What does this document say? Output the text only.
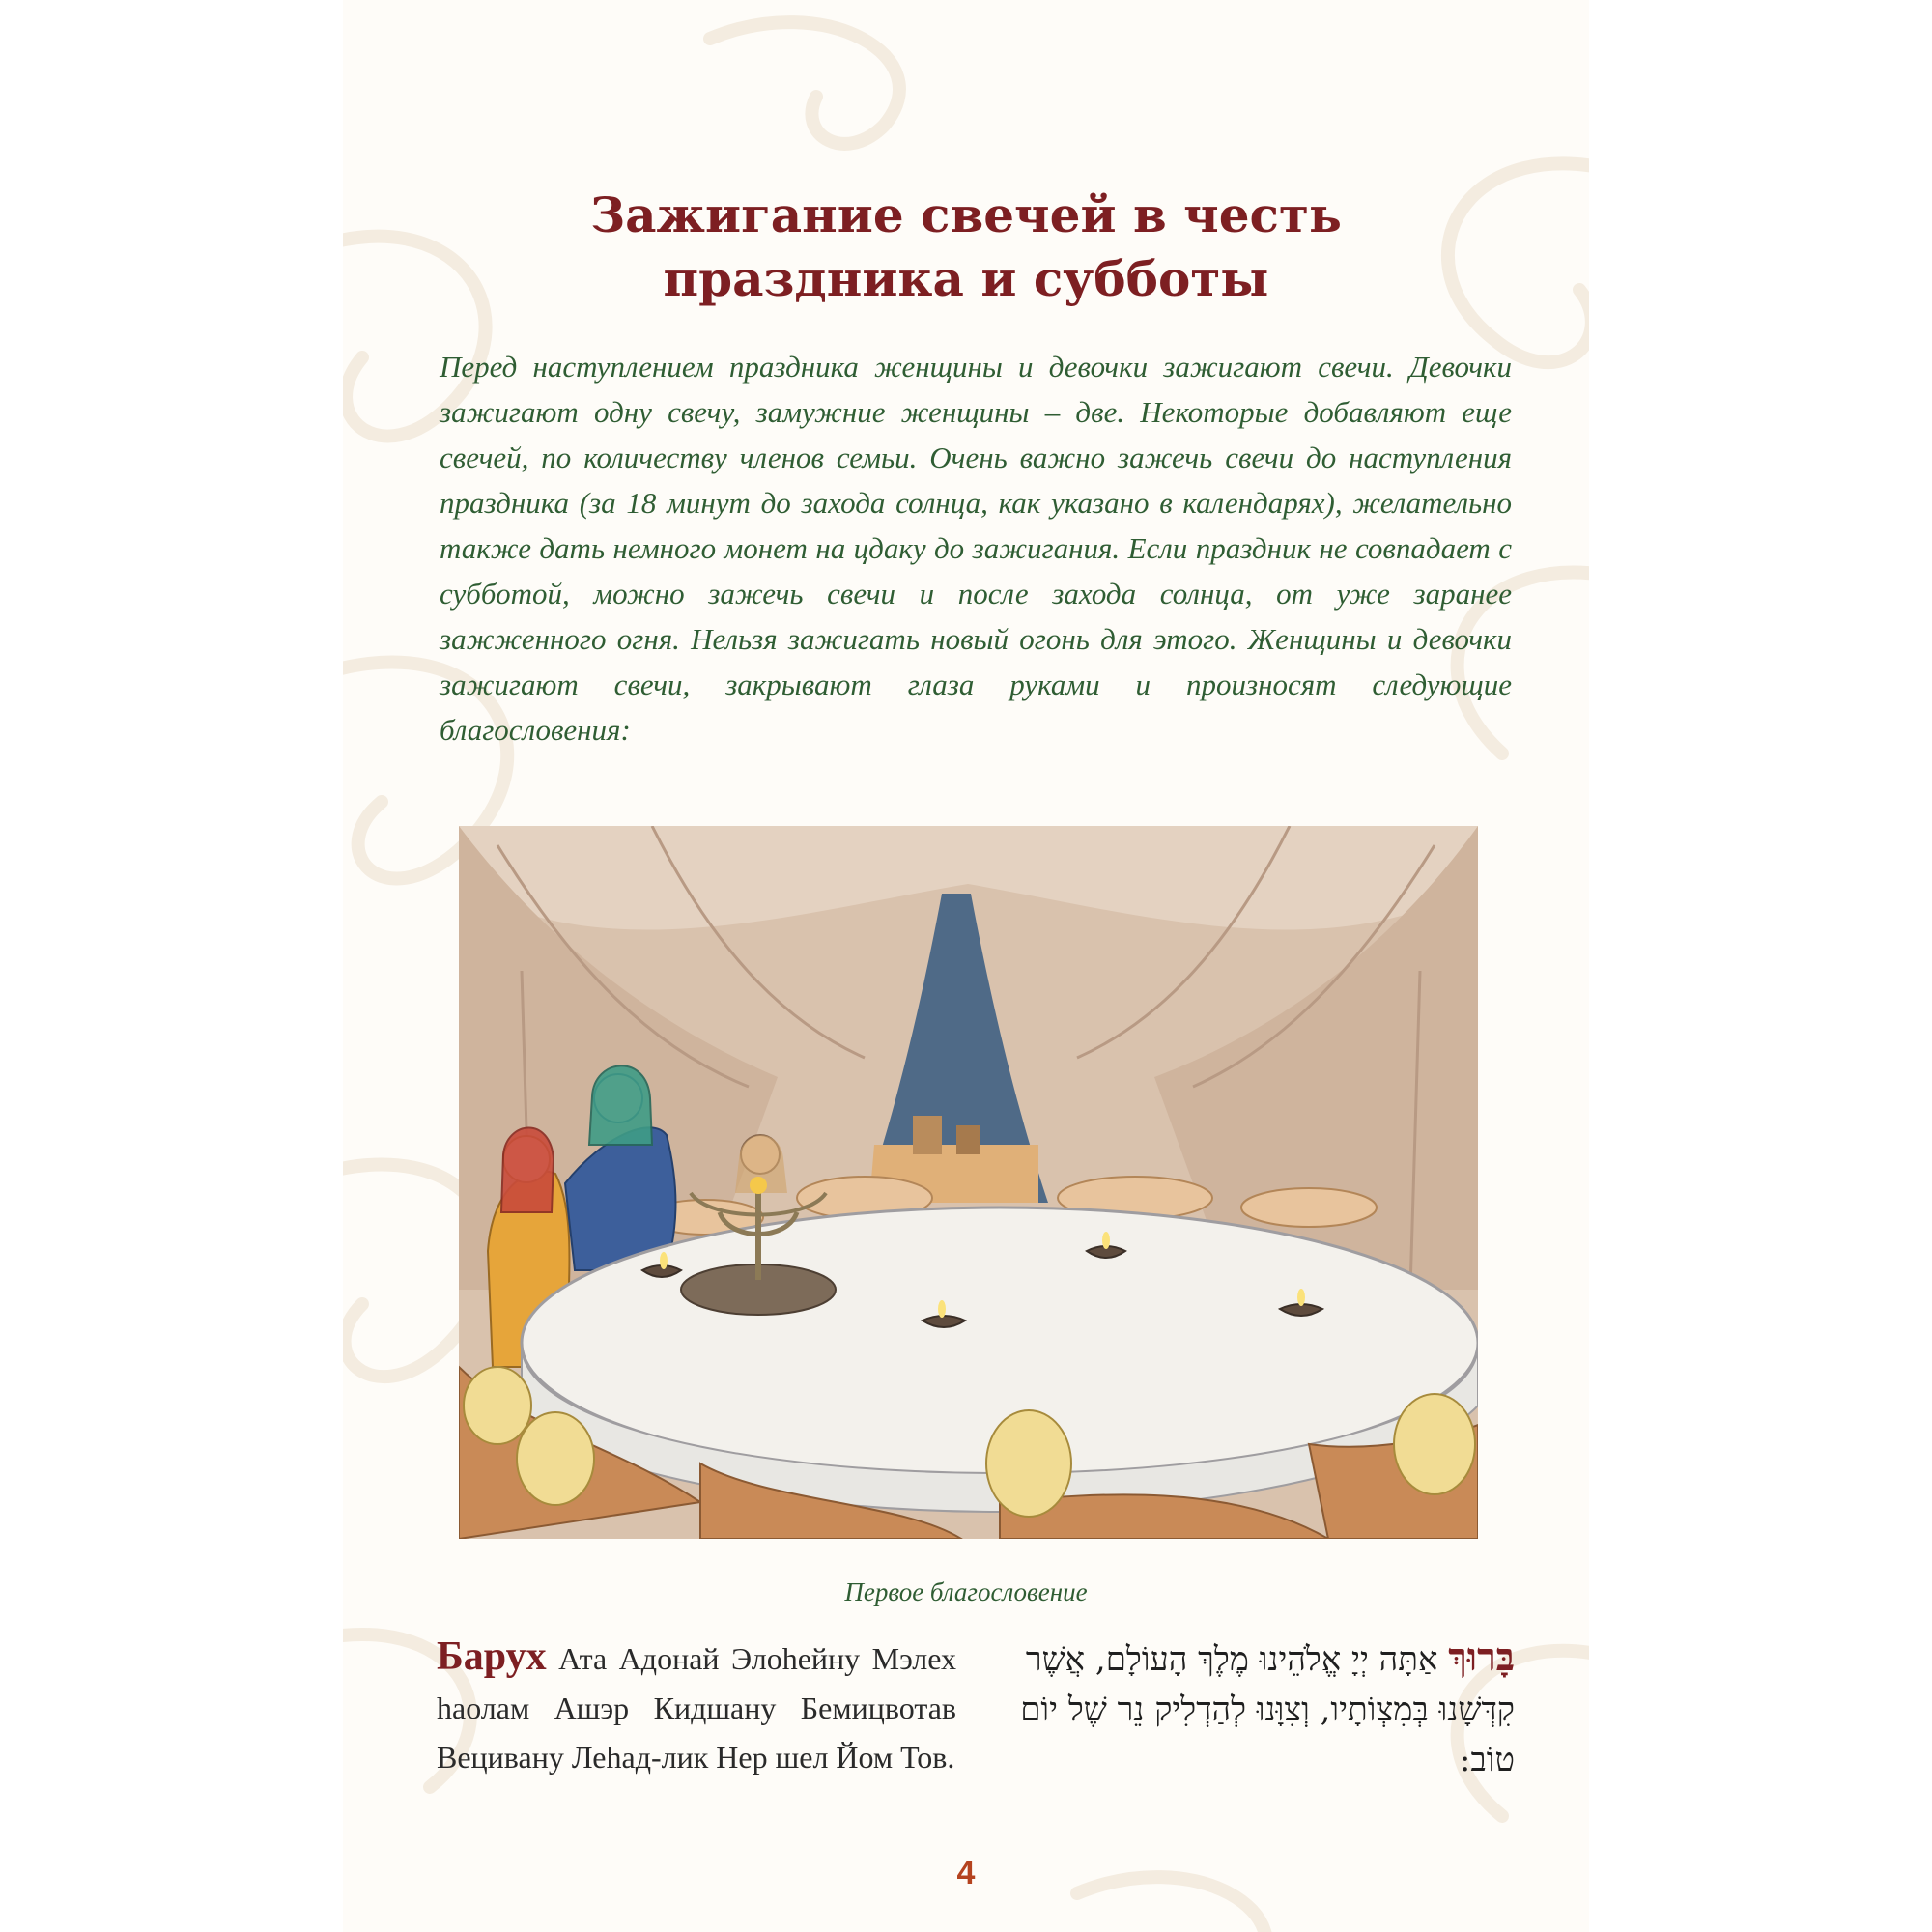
Зажигание свечей в честь
праздника и субботы

Перед наступлением праздника женщины и девочки зажигают свечи. Девочки зажигают одну свечу, замужние женщины – две. Некоторые добавляют еще свечей, по количеству членов семьи. Очень важно зажечь свечи до наступления праздника (за 18 минут до захода солнца, как указано в календарях), желательно также дать немного монет на цдаку до зажигания. Если праздник не совпадает с субботой, можно зажечь свечи и после захода солнца, от уже заранее зажженного огня. Нельзя зажигать новый огонь для этого. Женщины и девочки зажигают свечи, закрывают глаза руками и произносят следующие благословения:

Первое благословение
Барух Ата Адонай Элоhейну Мэлех hаолам Ашэр Кидшану Бемицвотав Вецивану Леhад-лик Нер шел Йом Тов.
בָּרוּךְ אַתָּה יְיָ אֱלֹהֵינוּ מֶלֶךְ הָעוֹלָם, אֲשֶׁר קִדְּשָׁנוּ בְּמִצְוֹתָיו, וְצִוָּנוּ לְהַדְלִיק נֵר שֶׁל יוֹם טוֹב:
4
